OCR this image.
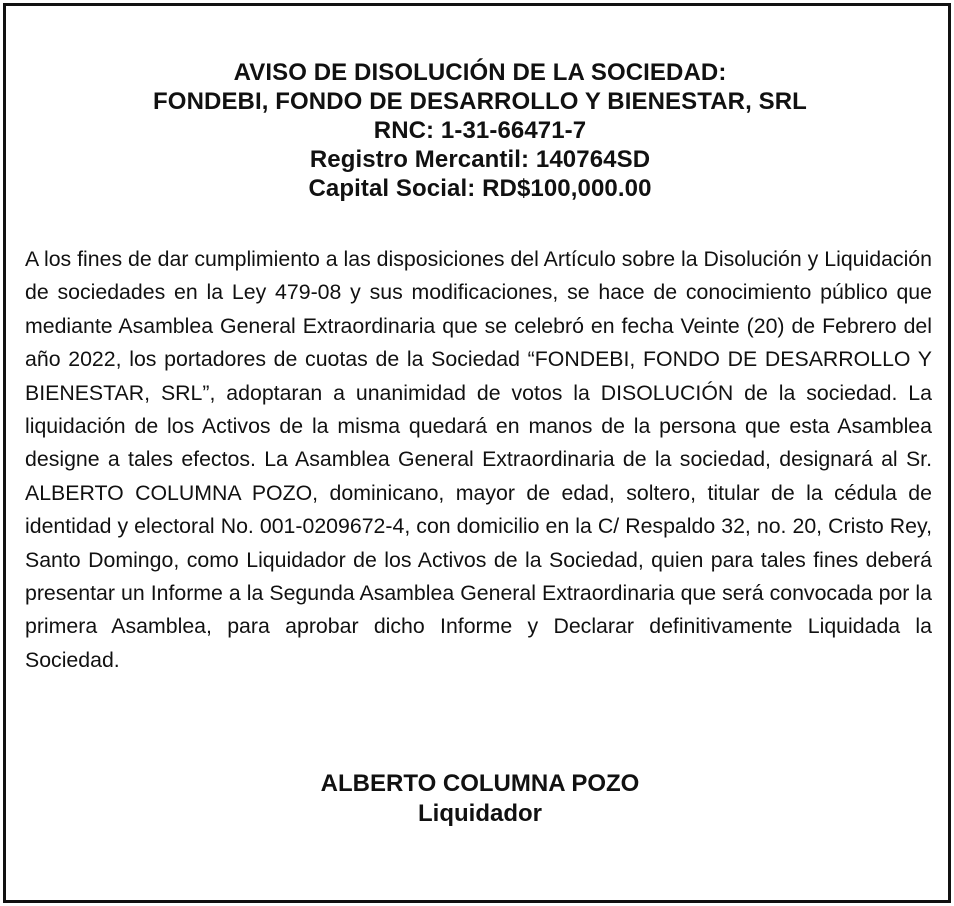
AVISO DE DISOLUCIÓN DE LA SOCIEDAD:
FONDEBI, FONDO DE DESARROLLO Y BIENESTAR, SRL
RNC: 1-31-66471-7
Registro Mercantil: 140764SD
Capital Social: RD$100,000.00
A los fines de dar cumplimiento a las disposiciones del Artículo sobre la Disolución y Liquidación de sociedades en la Ley 479-08 y sus modificaciones, se hace de conocimiento público que mediante Asamblea General Extraordinaria que se celebró en fecha Veinte (20) de Febrero del año 2022, los portadores de cuotas de la Sociedad “FONDEBI, FONDO DE DESARROLLO Y BIENESTAR, SRL”, adoptaran a unanimidad de votos la DISOLUCIÓN de la sociedad. La liquidación de los Activos de la misma quedará en manos de la persona que esta Asamblea designe a tales efectos. La Asamblea General Extraordinaria de la sociedad, designará al Sr. ALBERTO COLUMNA POZO, dominicano, mayor de edad, soltero, titular de la cédula de identidad y electoral No. 001-0209672-4, con domicilio en la C/ Respaldo 32, no. 20, Cristo Rey, Santo Domingo, como Liquidador de los Activos de la Sociedad, quien para tales fines deberá presentar un Informe a la Segunda Asamblea General Extraordinaria que será convocada por la primera Asamblea, para aprobar dicho Informe y Declarar definitivamente Liquidada la Sociedad.
ALBERTO COLUMNA POZO
Liquidador
